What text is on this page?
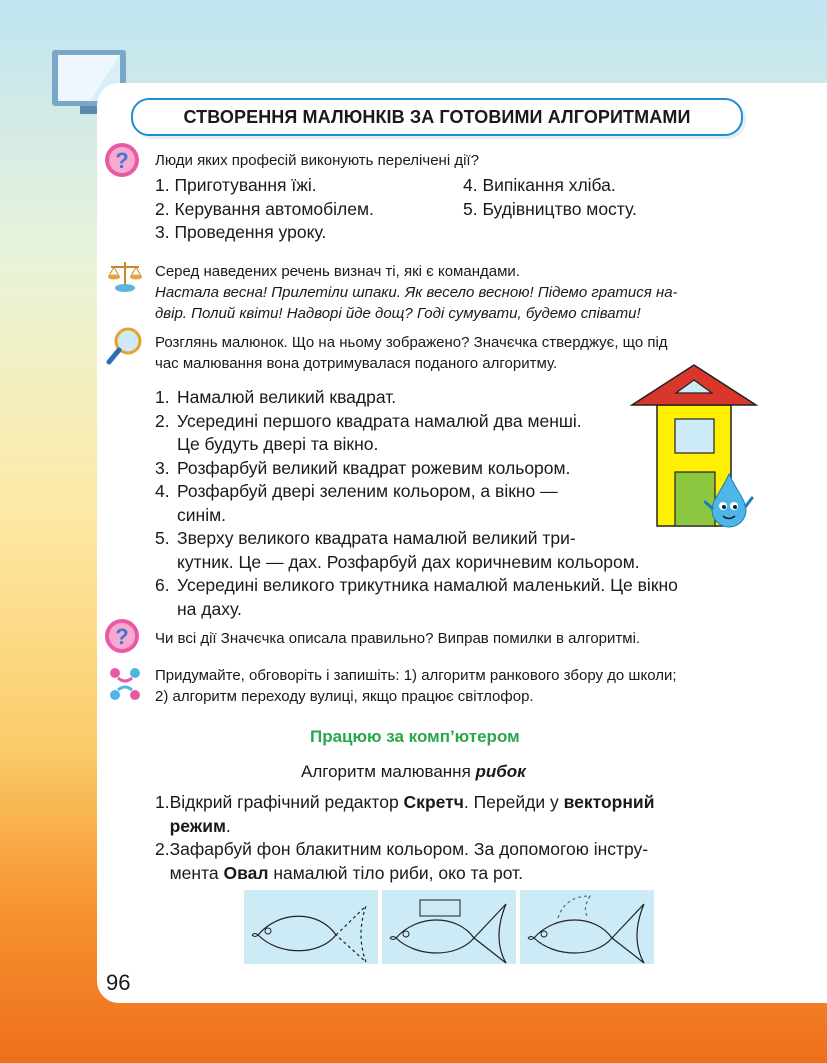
СТВОРЕННЯ МАЛЮНКІВ ЗА ГОТОВИМИ АЛГОРИТМАМИ
? Люди яких професій виконують перелічені дії?
1. Приготування їжі.
2. Керування автомобілем.
3. Проведення уроку.
4. Випікання хліба.
5. Будівництво мосту.
Серед наведених речень визнач ті, які є командами.
Настала весна! Прилетіли шпаки. Як весело весною! Підемо гратися на-
двір. Полий квіти! Надворі йде дощ? Годі сумувати, будемо співати!
Розглянь малюнок. Що на ньому зображено? Значєчка стверджує, що під
час малювання вона дотримувалася поданого алгоритму.
1. Намалюй великий квадрат.
2. Усередині першого квадрата намалюй два менші.
Це будуть двері та вікно.
3. Розфарбуй великий квадрат рожевим кольором.
4. Розфарбуй двері зеленим кольором, а вікно —
синім.
5. Зверху великого квадрата намалюй великий три-
кутник. Це — дах. Розфарбуй дах коричневим кольором.
6. Усередині великого трикутника намалюй маленький. Це вікно
на даху.
? Чи всі дії Значєчка описала правильно? Виправ помилки в алгоритмі.
Придумайте, обговоріть і запишіть: 1) алгоритм ранкового збору до школи;
2) алгоритм переходу вулиці, якщо працює світлофор.
Працюю за комп’ютером
Алгоритм малювання рибок
1. Відкрий графічний редактор Скретч. Перейди у векторний
режим.
2. Зафарбуй фон блакитним кольором. За допомогою інстру-
мента Овал намалюй тіло риби, око та рот.
96
